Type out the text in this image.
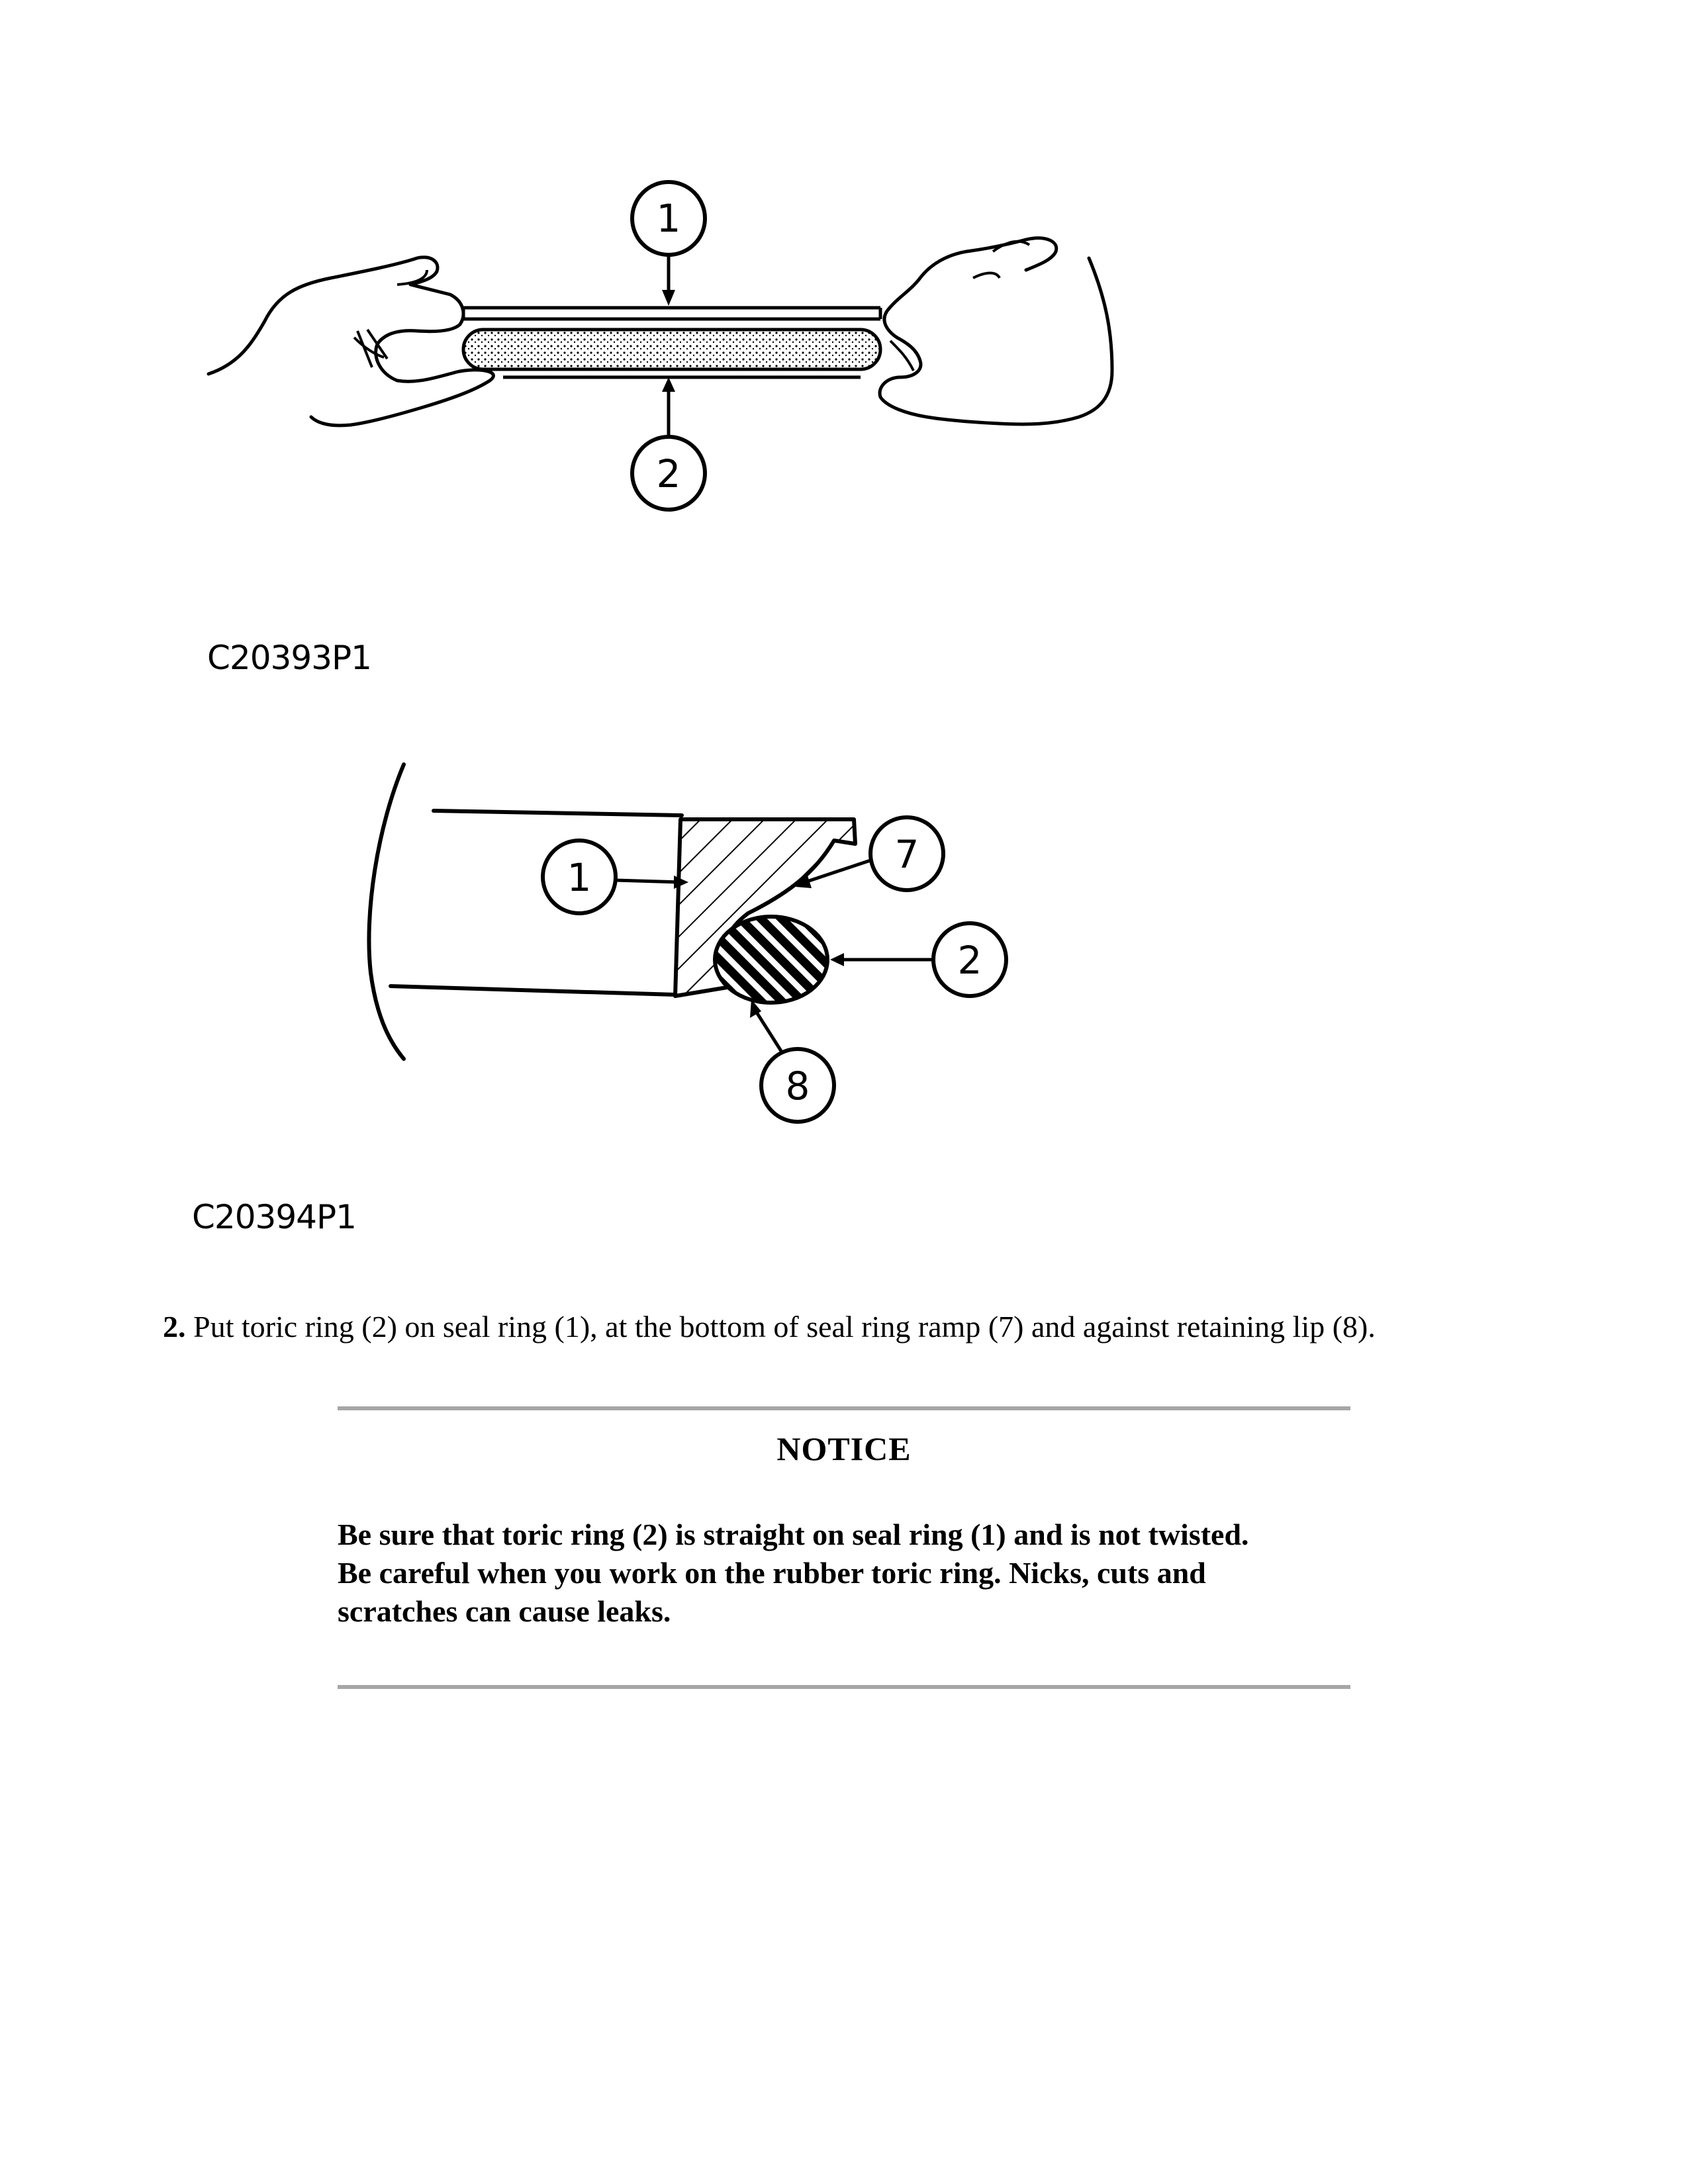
1
2
C20393P1
1
7
2
8
C20394P1
2. Put toric ring (2) on seal ring (1), at the bottom of seal ring ramp (7) and against retaining lip (8).
NOTICE

Be sure that toric ring (2) is straight on seal ring (1) and is not twisted.

Be careful when you work on the rubber toric ring. Nicks, cuts and

scratches can cause leaks.
